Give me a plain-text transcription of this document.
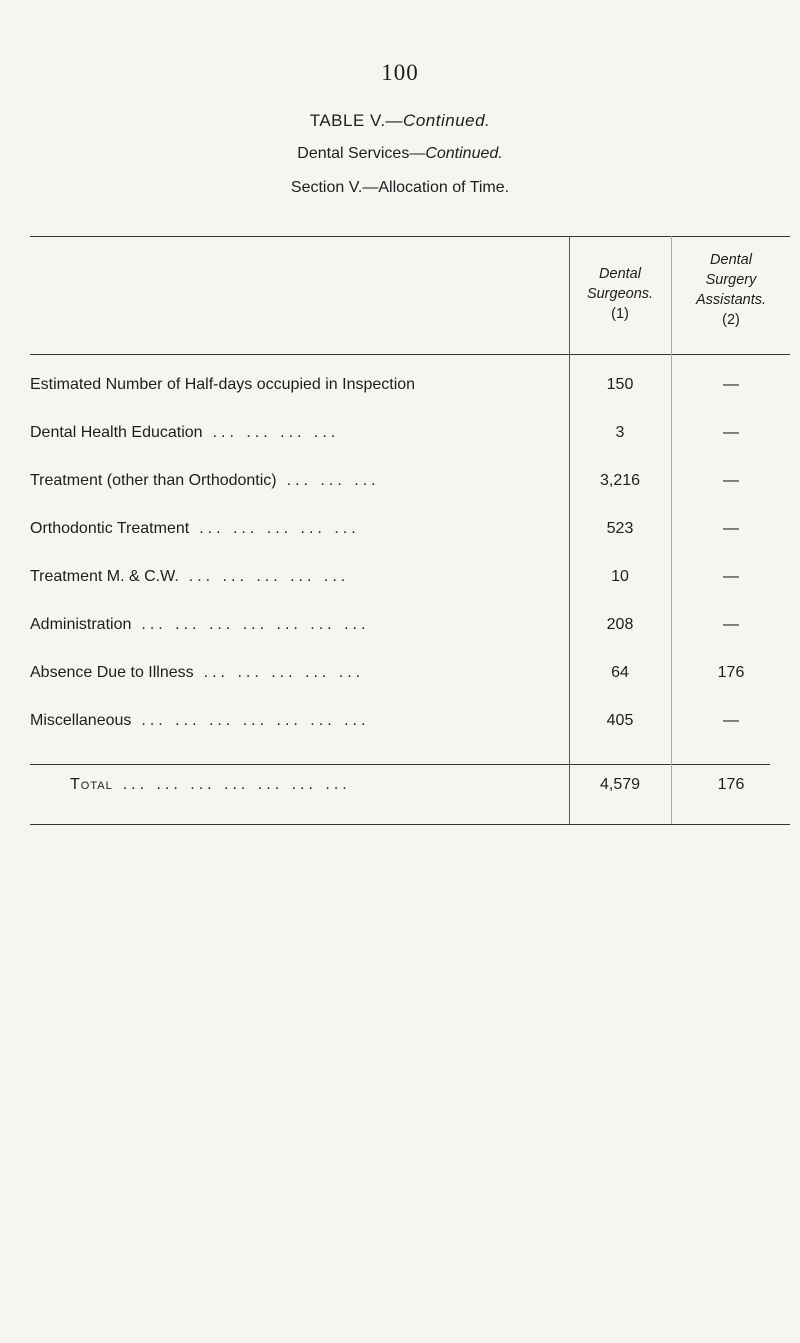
100
TABLE V.—Continued.
Dental Services—Continued.
Section V.—Allocation of Time.
Dental
Surgeons.
(1)
Dental
Surgery
Assistants.
(2)
Estimated Number of Half-days occupied in Inspection	150	—
Dental Health Education ... ... ... ...	3	—
Treatment (other than Orthodontic) ... ... ...	3,216	—
Orthodontic Treatment ... ... ... ... ...	523	—
Treatment M. & C.W. ... ... ... ... ...	10	—
Administration ... ... ... ... ... ... ...	208	—
Absence Due to Illness ... ... ... ... ...	64	176
Miscellaneous ... ... ... ... ... ... ...	405	—
Total ... ... ... ... ... ... ...	4,579	176
